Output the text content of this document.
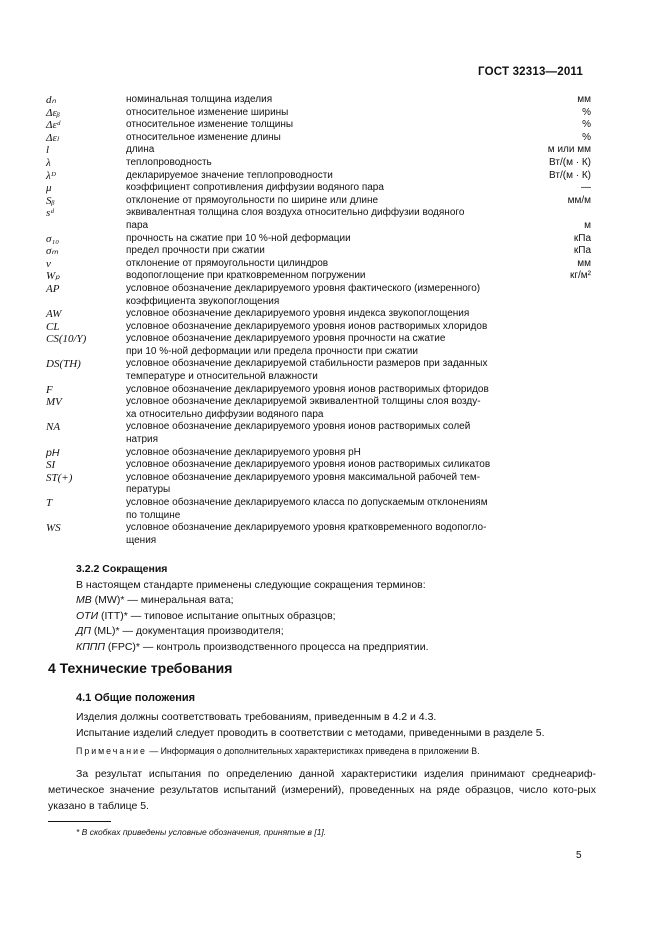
ГОСТ 32313—2011
dₙ	номинальная толщина изделия	мм
Δεᵦ	относительное изменение ширины	%
Δεᵈ	относительное изменение толщины	%
Δεₗ	относительное изменение длины	%
l	длина	м или мм
λ	теплопроводность	Вт/(м · К)
λᴰ	декларируемое значение теплопроводности	Вт/(м · К)
μ	коэффициент сопротивления диффузии водяного пара	—
Sᵦ	отклонение от прямоугольности по ширине или длине	мм/м
sᵈ	эквивалентная толщина слоя воздуха относительно диффузии водяного
пара	м
σ₁₀	прочность на сжатие при 10 %-ной деформации	кПа
σₘ	предел прочности при сжатии	кПа
ν	отклонение от прямоугольности цилиндров	мм
Wₚ	водопоглощение при кратковременном погружении	кг/м²
AP	условное обозначение декларируемого уровня фактического (измеренного)
коэффициента звукопоглощения
AW	условное обозначение декларируемого уровня индекса звукопоглощения
CL	условное обозначение декларируемого уровня ионов растворимых хлоридов
CS(10/Y)	условное обозначение декларируемого уровня прочности на сжатие
при 10 %-ной деформации или предела прочности при сжатии
DS(TH)	условное обозначение декларируемой стабильности размеров при заданных
температуре и относительной влажности
F	условное обозначение декларируемого уровня ионов растворимых фторидов
MV	условное обозначение декларируемой эквивалентной толщины слоя возду-
ха относительно диффузии водяного пара
NA	условное обозначение декларируемого уровня ионов растворимых солей
натрия
pH	условное обозначение декларируемого уровня pH
SI	условное обозначение декларируемого уровня ионов растворимых силикатов
ST(+)	условное обозначение декларируемого уровня максимальной рабочей тем-
пературы
T	условное обозначение декларируемого класса по допускаемым отклонениям
по толщине
WS	условное обозначение декларируемого уровня кратковременного водопогло-
щения
3.2.2 Сокращения
В настоящем стандарте применены следующие сокращения терминов:
МВ (MW)* — минеральная вата;
ОТИ (ITT)* — типовое испытание опытных образцов;
ДП (ML)* — документация производителя;
КППП (FPC)* — контроль производственного процесса на предприятии.
4 Технические требования
4.1 Общие положения
Изделия должны соответствовать требованиям, приведенным в 4.2 и 4.3.
Испытание изделий следует проводить в соответствии с методами, приведенными в разделе 5.
Примечание — Информация о дополнительных характеристиках приведена в приложении В.
За результат испытания по определению данной характеристики изделия принимают среднеариф-метическое значение результатов испытаний (измерений), проведенных на ряде образцов, число кото-рых указано в таблице 5.
* В скобках приведены условные обозначения, принятые в [1].
5
